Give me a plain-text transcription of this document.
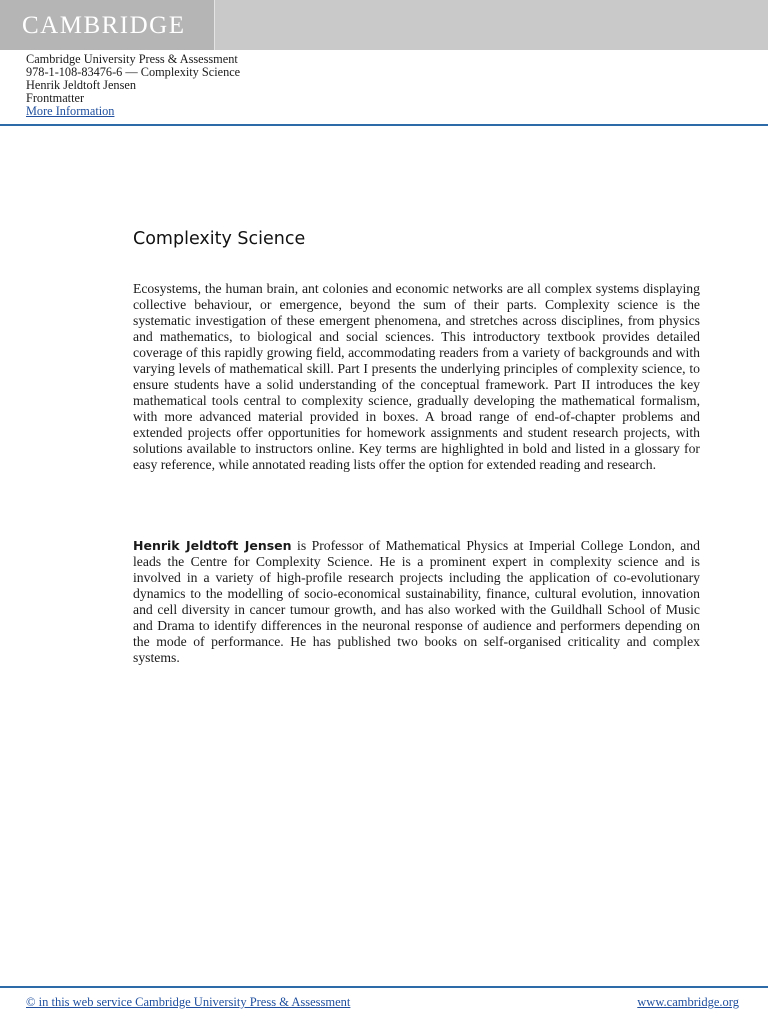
CAMBRIDGE
Cambridge University Press & Assessment
978-1-108-83476-6 — Complexity Science
Henrik Jeldtoft Jensen
Frontmatter
More Information
Complexity Science

Ecosystems, the human brain, ant colonies and economic networks are all complex systems displaying collective behaviour, or emergence, beyond the sum of their parts. Complexity science is the systematic investigation of these emergent phenomena, and stretches across disciplines, from physics and mathematics, to biological and social sciences. This introductory textbook provides detailed coverage of this rapidly growing field, accommodating readers from a variety of backgrounds and with varying levels of mathematical skill. Part I presents the underlying principles of complexity science, to ensure students have a solid understanding of the conceptual framework. Part II introduces the key mathematical tools central to complexity science, gradually developing the mathematical formalism, with more advanced material provided in boxes. A broad range of end-of-chapter problems and extended projects offer opportunities for homework assignments and student research projects, with solutions available to instructors online. Key terms are highlighted in bold and listed in a glossary for easy reference, while annotated reading lists offer the option for extended reading and research.

Henrik Jeldtoft Jensen is Professor of Mathematical Physics at Imperial College London, and leads the Centre for Complexity Science. He is a prominent expert in complexity science and is involved in a variety of high-profile research projects including the application of co-evolutionary dynamics to the modelling of socio-economical sustainability, finance, cultural evolution, innovation and cell diversity in cancer tumour growth, and has also worked with the Guildhall School of Music and Drama to identify differences in the neuronal response of audience and performers depending on the mode of performance. He has published two books on self-organised criticality and complex systems.

© in this web service Cambridge University Press & Assessment	www.cambridge.org
